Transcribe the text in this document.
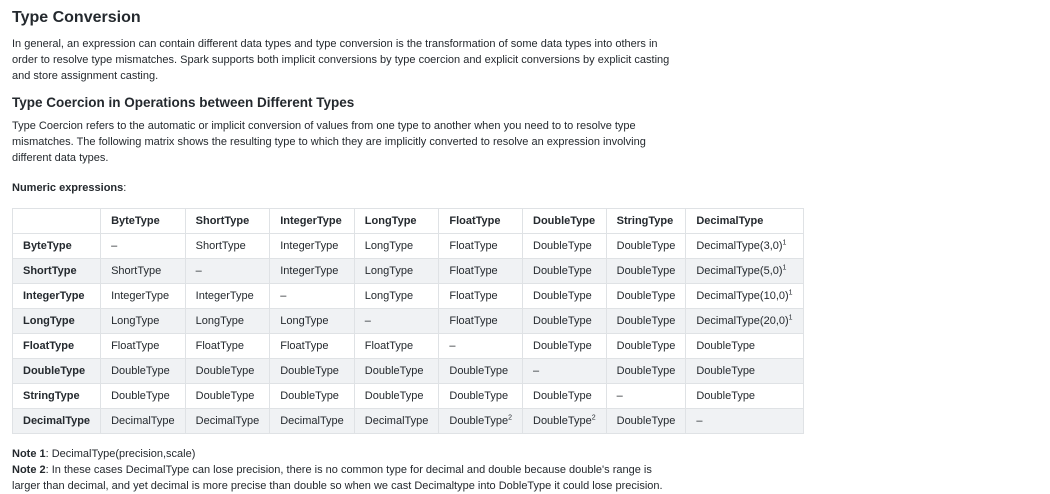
Type Conversion

In general, an expression can contain different data types and type conversion is the transformation of some data types into others in order to resolve type mismatches. Spark supports both implicit conversions by type coercion and explicit conversions by explicit casting and store assignment casting.

Type Coercion in Operations between Different Types

Type Coercion refers to the automatic or implicit conversion of values from one type to another when you need to to resolve type mismatches. The following matrix shows the resulting type to which they are implicitly converted to resolve an expression involving different data types.

Numeric expressions:
	ByteType	ShortType	IntegerType	LongType	FloatType	DoubleType	StringType	DecimalType
ByteType	–	ShortType	IntegerType	LongType	FloatType	DoubleType	DoubleType	$DecimalType(3,0)^1$
ShortType	ShortType	–	IntegerType	LongType	FloatType	DoubleType	DoubleType	$DecimalType(5,0)^1$
IntegerType	IntegerType	IntegerType	–	LongType	FloatType	DoubleType	DoubleType	$DecimalType(10,0)^1$
LongType	LongType	LongType	LongType	–	FloatType	DoubleType	DoubleType	$DecimalType(20,0)^1$
FloatType	FloatType	FloatType	FloatType	FloatType	–	DoubleType	DoubleType	DoubleType
DoubleType	DoubleType	DoubleType	DoubleType	DoubleType	DoubleType	–	DoubleType	DoubleType
StringType	DoubleType	DoubleType	DoubleType	DoubleType	DoubleType	DoubleType	–	DoubleType
DecimalType	DecimalType	DecimalType	DecimalType	DecimalType	DoubleType$^2$	DoubleType$^2$	DoubleType	–
Note 1: DecimalType(precision,scale)
Note 2: In these cases DecimalType can lose precision, there is no common type for decimal and double because double's range is larger than decimal, and yet decimal is more precise than double so when we cast Decimaltype into DobleType it could lose precision.
